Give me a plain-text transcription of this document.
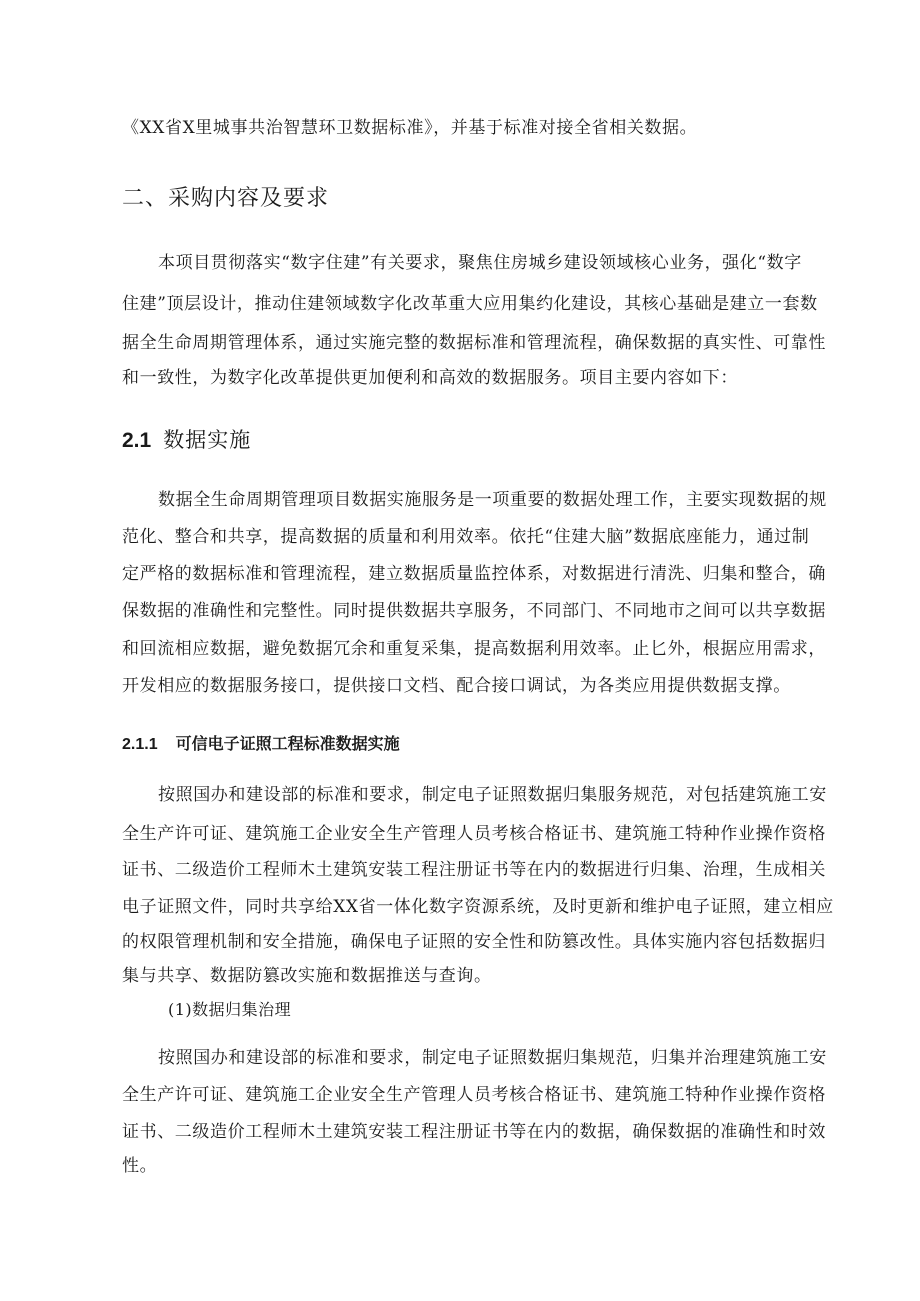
《XX省X里城事共治智慧环卫数据标准》，并基于标准对接全省相关数据。
二、采购内容及要求
本项目贯彻落实“数字住建”有关要求，聚焦住房城乡建设领域核心业务，强化“数字
住建”顶层设计，推动住建领域数字化改革重大应用集约化建设，其核心基础是建立一套数
据全生命周期管理体系，通过实施完整的数据标准和管理流程，确保数据的真实性、可靠性
和一致性，为数字化改革提供更加便利和高效的数据服务。项目主要内容如下：
2.1 数据实施
数据全生命周期管理项目数据实施服务是一项重要的数据处理工作，主要实现数据的规
范化、整合和共享，提高数据的质量和利用效率。依托“住建大脑”数据底座能力，通过制
定严格的数据标准和管理流程，建立数据质量监控体系，对数据进行清洗、归集和整合，确
保数据的准确性和完整性。同时提供数据共享服务，不同部门、不同地市之间可以共享数据
和回流相应数据，避免数据冗余和重复采集，提高数据利用效率。止匕外，根据应用需求，
开发相应的数据服务接口，提供接口文档、配合接口调试，为各类应用提供数据支撑。
2.1.1 可信电子证照工程标准数据实施
按照国办和建设部的标准和要求，制定电子证照数据归集服务规范，对包括建筑施工安
全生产许可证、建筑施工企业安全生产管理人员考核合格证书、建筑施工特种作业操作资格
证书、二级造价工程师木土建筑安装工程注册证书等在内的数据进行归集、治理，生成相关
电子证照文件，同时共享给XX省一体化数字资源系统，及时更新和维护电子证照，建立相应
的权限管理机制和安全措施，确保电子证照的安全性和防篡改性。具体实施内容包括数据归
集与共享、数据防篡改实施和数据推送与查询。
(1)数据归集治理
按照国办和建设部的标准和要求，制定电子证照数据归集规范，归集并治理建筑施工安
全生产许可证、建筑施工企业安全生产管理人员考核合格证书、建筑施工特种作业操作资格
证书、二级造价工程师木土建筑安装工程注册证书等在内的数据，确保数据的准确性和时效
性。
